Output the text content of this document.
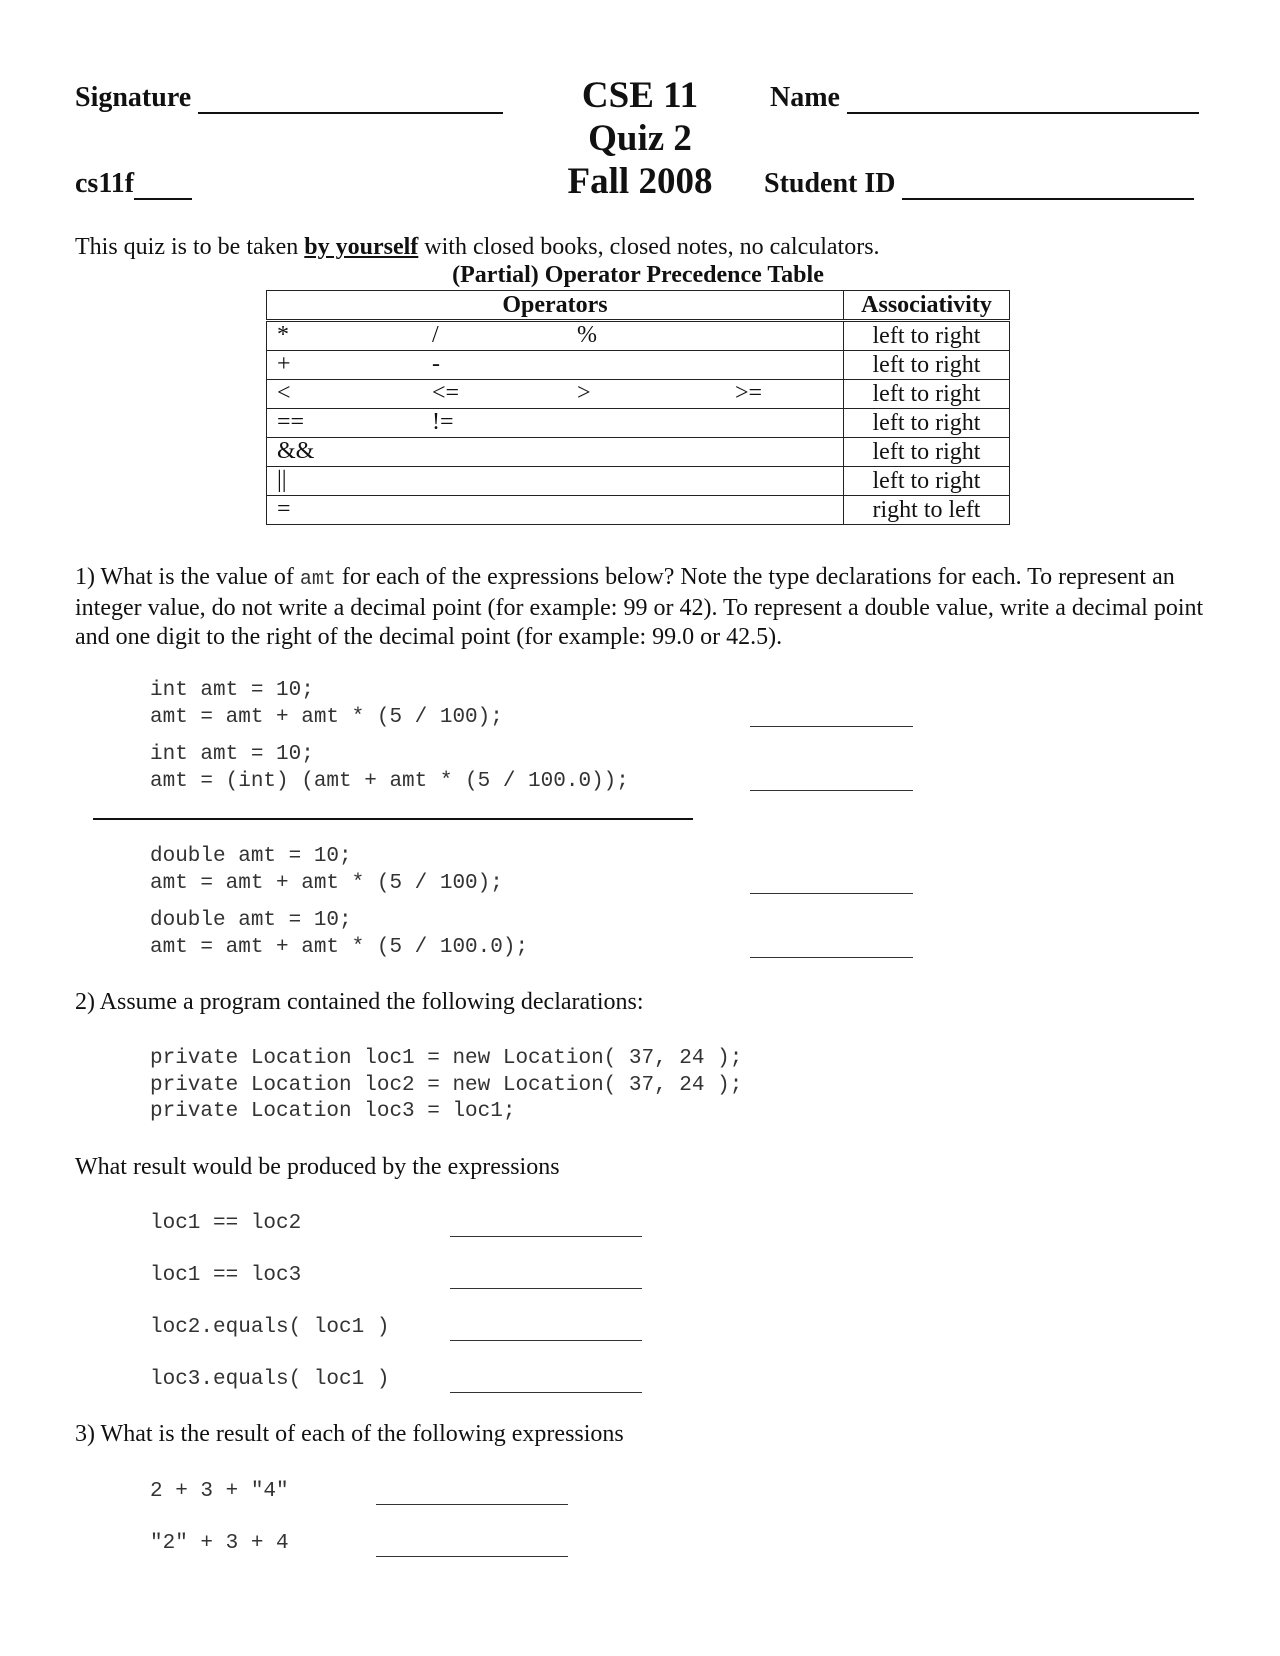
Signature	CSE 11
Quiz 2
Fall 2008
Name
cs11f	Student ID
This quiz is to be taken by yourself with closed books, closed notes, no calculators.
(Partial) Operator Precedence Table
Operators	Associativity

* / %	left to right

+ -	left to right

< <= > >=	left to right

== !=	left to right

&&	left to right

||	left to right

=	right to left
1) What is the value of amt for each of the expressions below? Note the type declarations for each. To represent an integer value, do not write a decimal point (for example: 99 or 42). To represent a double value, write a decimal point and one digit to the right of the decimal point (for example: 99.0 or 42.5).
int amt = 10;
amt = amt + amt * (5 / 100);
int amt = 10;
amt = (int) (amt + amt * (5 / 100.0));
double amt = 10;
amt = amt + amt * (5 / 100);
double amt = 10;
amt = amt + amt * (5 / 100.0);
2) Assume a program contained the following declarations:
private Location loc1 = new Location( 37, 24 );
private Location loc2 = new Location( 37, 24 );
private Location loc3 = loc1;
What result would be produced by the expressions
loc1 == loc2
loc1 == loc3
loc2.equals( loc1 )
loc3.equals( loc1 )
3) What is the result of each of the following expressions
2 + 3 + "4"
"2" + 3 + 4
